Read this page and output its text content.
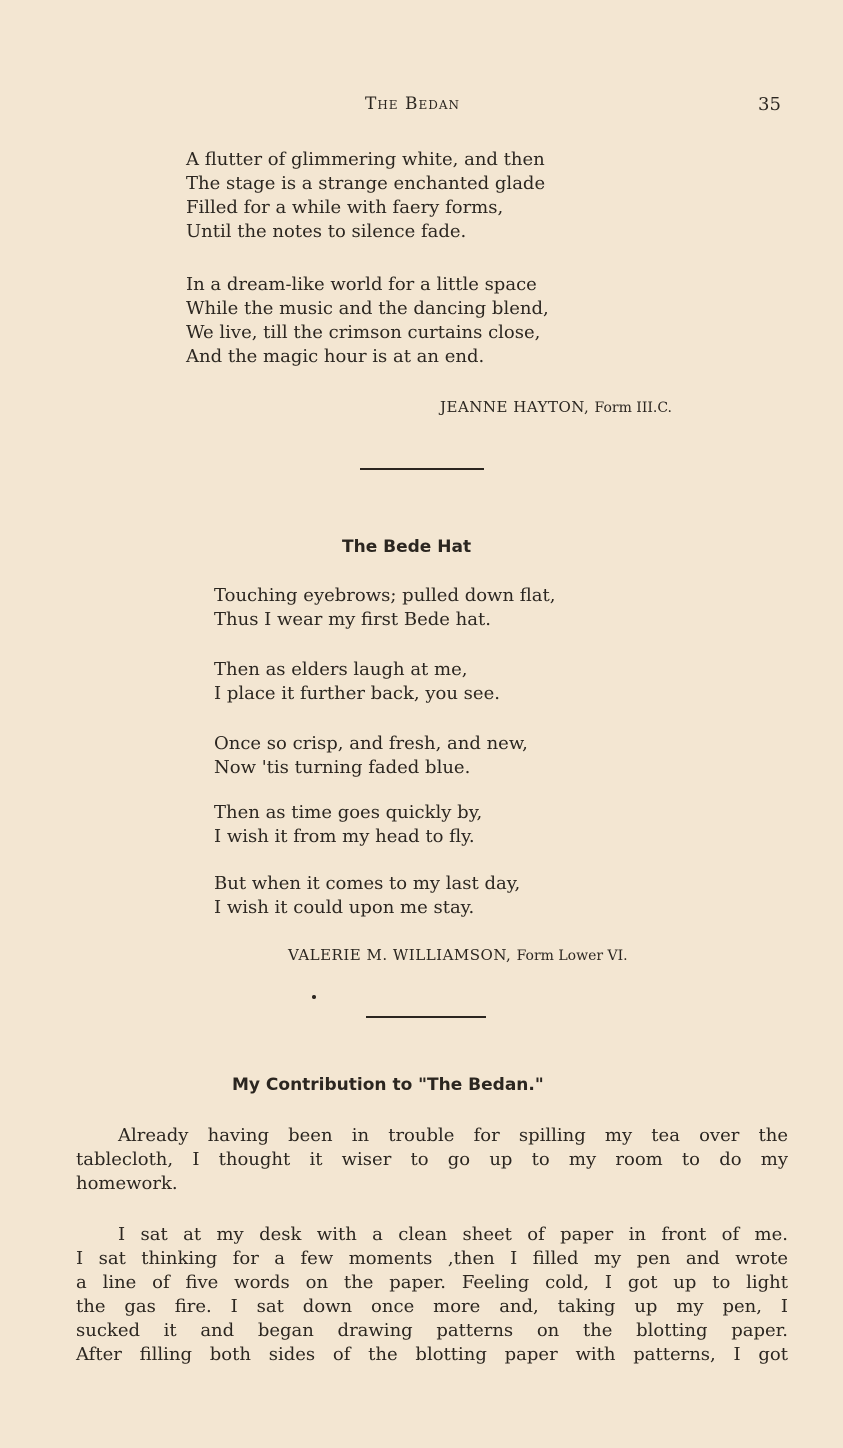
The Bedan	35
A flutter of glimmering white, and then
The stage is a strange enchanted glade
Filled for a while with faery forms,
Until the notes to silence fade.
In a dream-like world for a little space
While the music and the dancing blend,
We live, till the crimson curtains close,
And the magic hour is at an end.
JEANNE HAYTON, Form III.C.
The Bede Hat
Touching eyebrows; pulled down flat,
Thus I wear my first Bede hat.
Then as elders laugh at me,
I place it further back, you see.
Once so crisp, and fresh, and new,
Now 'tis turning faded blue.
Then as time goes quickly by,
I wish it from my head to fly.
But when it comes to my last day,
I wish it could upon me stay.
VALERIE M. WILLIAMSON, Form Lower VI.
My Contribution to "The Bedan."
Already having been in trouble for spilling my tea over the
tablecloth, I thought it wiser to go up to my room to do my
homework.
I sat at my desk with a clean sheet of paper in front of me.
I sat thinking for a few moments ,then I filled my pen and wrote
a line of five words on the paper. Feeling cold, I got up to light
the gas fire. I sat down once more and, taking up my pen, I
sucked it and began drawing patterns on the blotting paper.
After filling both sides of the blotting paper with patterns, I got
